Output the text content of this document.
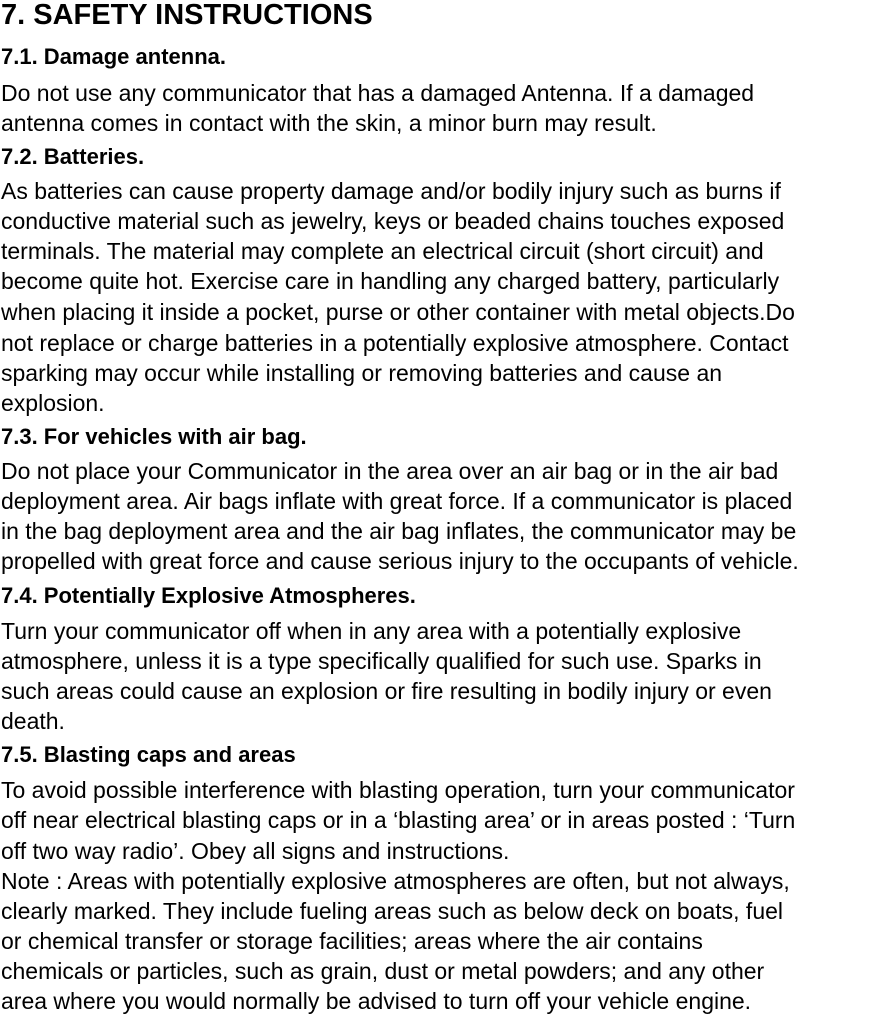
7. SAFETY INSTRUCTIONS
7.1. Damage antenna.

Do not use any communicator that has a damaged Antenna. If a damaged

antenna comes in contact with the skin, a minor burn may result.

7.2. Batteries.

As batteries can cause property damage and/or bodily injury such as burns if

conductive material such as jewelry, keys or beaded chains touches exposed

terminals. The material may complete an electrical circuit (short circuit) and

become quite hot. Exercise care in handling any charged battery, particularly

when placing it inside a pocket, purse or other container with metal objects.Do

not replace or charge batteries in a potentially explosive atmosphere. Contact

sparking may occur while installing or removing batteries and cause an

explosion.

7.3. For vehicles with air bag.

Do not place your Communicator in the area over an air bag or in the air bad

deployment area. Air bags inflate with great force. If a communicator is placed

in the bag deployment area and the air bag inflates, the communicator may be

propelled with great force and cause serious injury to the occupants of vehicle.

7.4. Potentially Explosive Atmospheres.

Turn your communicator off when in any area with a potentially explosive

atmosphere, unless it is a type specifically qualified for such use. Sparks in

such areas could cause an explosion or fire resulting in bodily injury or even

death.

7.5. Blasting caps and areas

To avoid possible interference with blasting operation, turn your communicator

off near electrical blasting caps or in a ‘blasting area’ or in areas posted : ‘Turn

off two way radio’. Obey all signs and instructions.

Note : Areas with potentially explosive atmospheres are often, but not always,

clearly marked. They include fueling areas such as below deck on boats, fuel

or chemical transfer or storage facilities; areas where the air contains

chemicals or particles, such as grain, dust or metal powders; and any other

area where you would normally be advised to turn off your vehicle engine.
